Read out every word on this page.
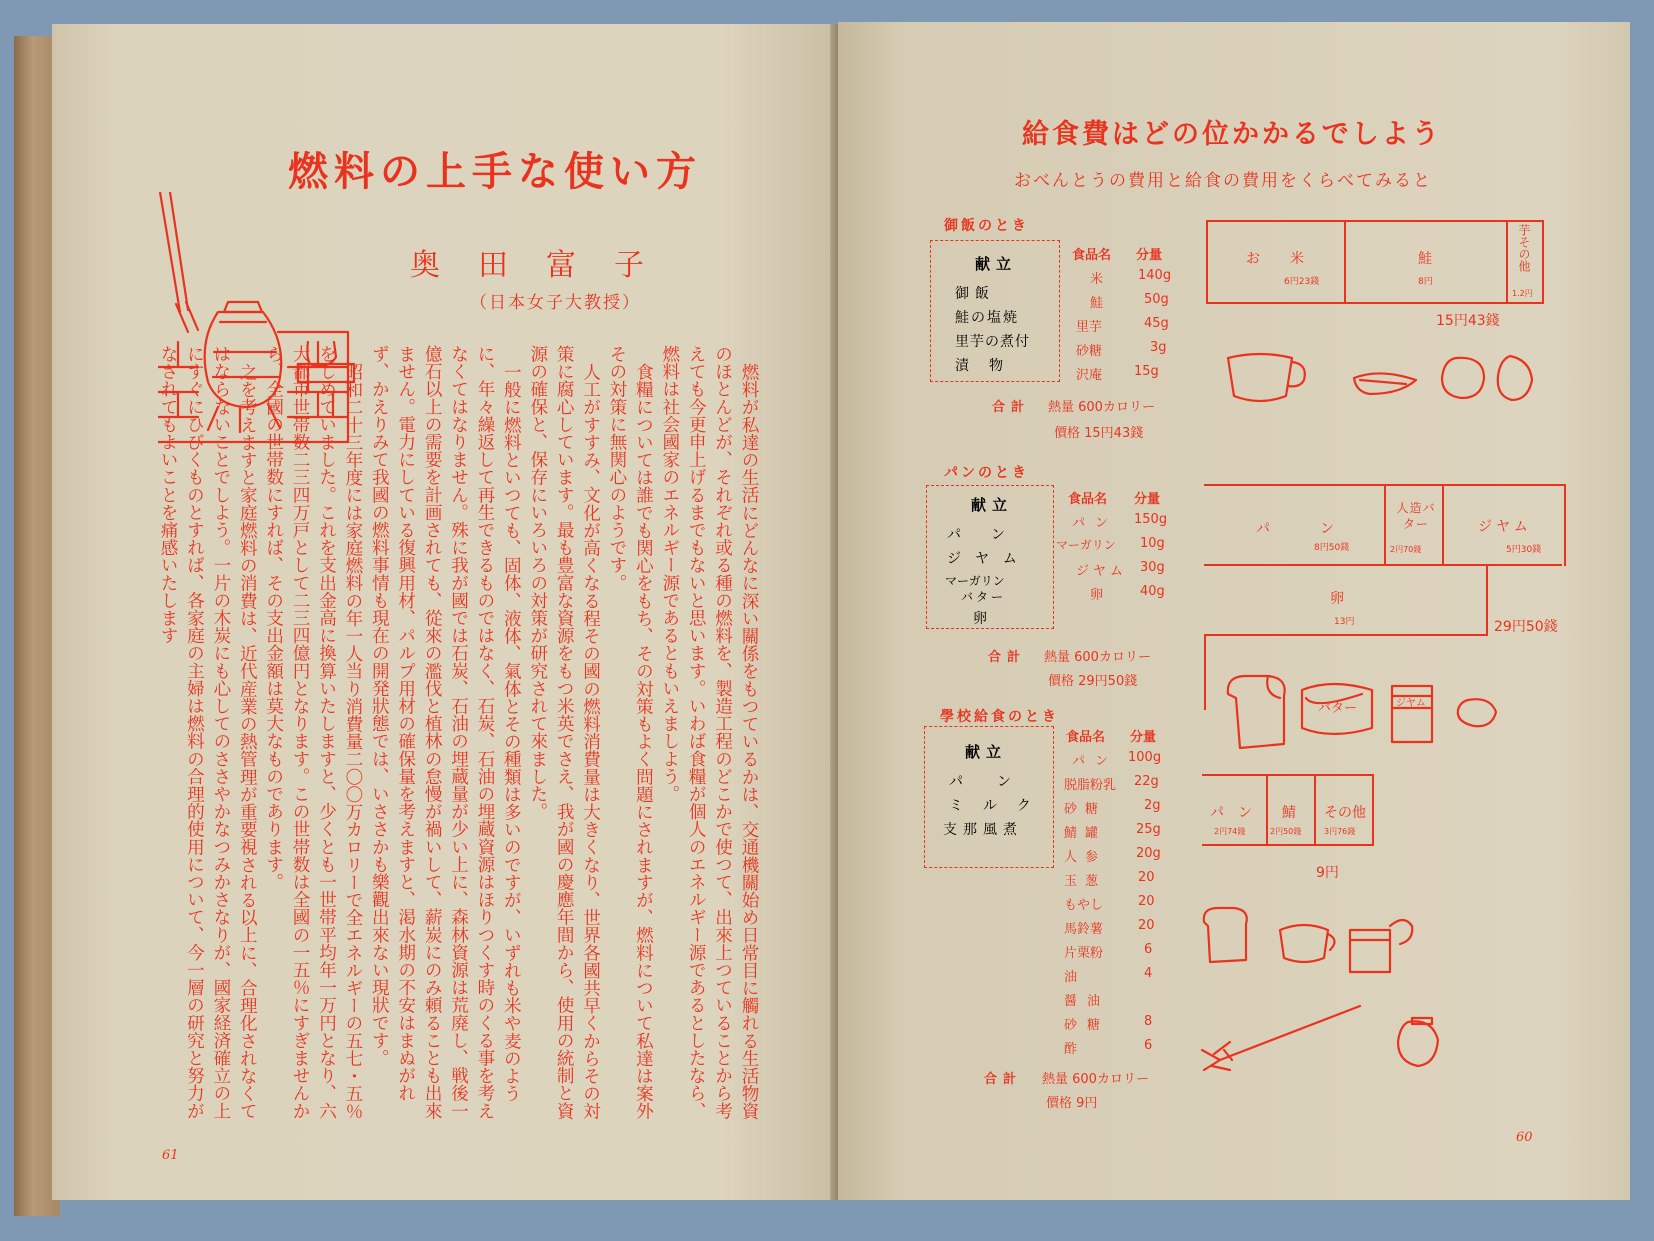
燃料の上手な使い方
奥田富子
（日本女子大教授）

燃料が私達の生活にどんなに深い關係をもつているかは、交通機關始め日常目に觸れる生活物資のほとんどが、それぞれ或る種の燃料を、製造工程のどこかで使つて、出來上つていることから考えても今更申上げるまでもないと思います。いわば食糧が個人のエネルギー源であるとしたなら、燃料は社会國家のエネルギー源であるともいえましよう。

食糧については誰でも関心をもち、その対策もよく問題にされますが、燃料について私達は案外その対策に無関心のようです。

人工がすすみ、文化が高くなる程その國の燃料消費量は大きくなり、世界各國共早くからその対策に腐心しています。最も豊富な資源をもつ米英でさえ、我が國の慶應年間から、使用の統制と資源の確保と、保存にいろいろの対策が研究されて來ました。

一般に燃料といつても、固体、液体、氣体とその種類は多いのですが、いずれも米や麦のように、年々繰返して再生できるものではなく、石炭、石油の埋蔵資源はほりつくす時のくる事を考えなくてはなりません。殊に我が國では石炭、石油の埋蔵量が少い上に、森林資源は荒廃し、戦後一億石以上の需要を計画されても、從來の濫伐と植林の怠慢が禍いして、薪炭にのみ頼ることも出來ません。電力にしている復興用材、パルプ用材の確保量を考えますと、渇水期の不安はまぬがれず、かえりみて我國の燃料事情も現在の開発狀態では、いささかも樂觀出來ない現狀です。

昭和二十三年度には家庭燃料の年一人当り消費量二〇〇万カロリーで全エネルギーの五七・五％をしめていました。これを支出金高に換算いたしますと、少くとも一世帯平均年一万円となり、六大都市世帯数二三四万戸として二三四億円となります。この世帯数は全國の一五％にすぎませんから、全國の世帯数にすれば、その支出金額は莫大なものであります。

之を考えますと家庭燃料の消費は、近代産業の熱管理が重要視される以上に、合理化されなくてはならないことでしよう。一片の木炭にも心してのささやかなつみかさなりが、國家経済確立の上にすぐにひびくものとすれば、各家庭の主婦は燃料の合理的使用について、今一層の研究と努力がなされてもよいことを痛感いたします

61
給食費はどの位かかるでしよう
おべんとうの費用と給食の費用をくらべてみると
御飯のとき
献立
御飯
鮭の塩焼
里芋の煮付
漬物
食品名 分量
米	140g
鮭	50g
里芋	45g
砂糖	3g
沢庵 15g
合計 熱量 600カロリー
價格 15円43錢
お米
6円23錢
鮭
8円
芋その他
1.2円
15円43錢
パンのとき
献立
パン
ジヤム
マーガリン
バター
卵
食品名 分量
パン 150g
マーガリン 10g
ジヤム 30g
卵	40g
合計 熱量 600カロリー
價格 29円50錢
パン
8円50錢
人造バター
2円70錢
ジヤム
5円30錢
卵
13円	29円50錢
バター	ジヤム
學校給食のとき
献立
パン
ミルク
支那風煮
食品名 分量
パン 100g
脱脂粉乳 22g
砂糖	2g
鯖罐 25g
人参 20g
玉葱 20
もやし	20
馬鈴薯	20
片栗粉	6
油	4
醤油
砂糖	8
酢	6
合計 熱量 600カロリー
價格 9円
パン
2円74錢
鯖
2円50錢
その他
3円76錢
9円
60
